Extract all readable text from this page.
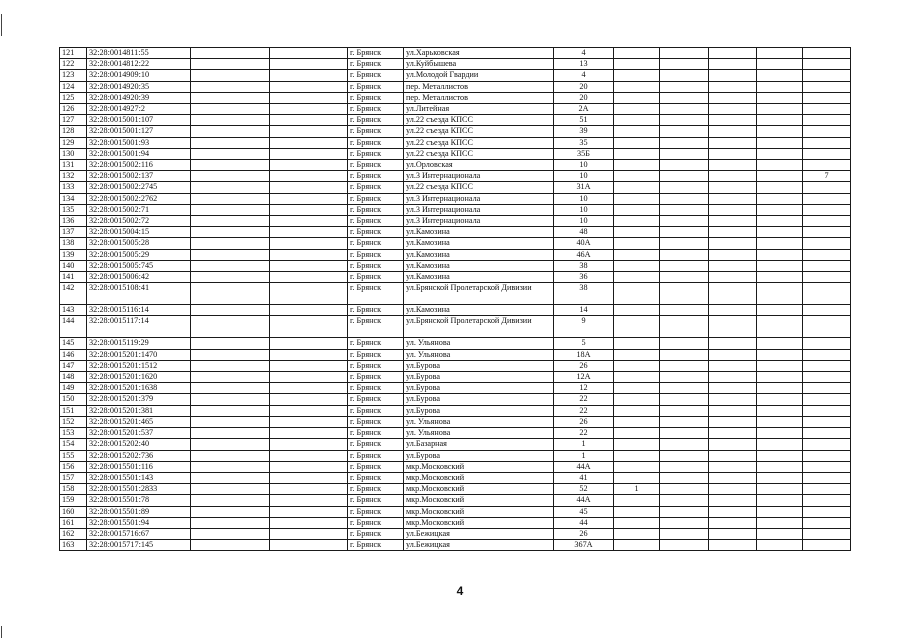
121	32:28:0014811:55			г. Брянск	ул.Харьковская	4					
122	32:28:0014812:22			г. Брянск	ул.Куйбышева	13					
123	32:28:0014909:10			г. Брянск	ул.Молодой Гвардии	4					
124	32:28:0014920:35			г. Брянск	пер. Металлистов	20					
125	32:28:0014920:39			г. Брянск	пер. Металлистов	20					
126	32:28:0014927:2			г. Брянск	ул.Литейная	2А					
127	32:28:0015001:107			г. Брянск	ул.22 съезда КПСС	51					
128	32:28:0015001:127			г. Брянск	ул.22 съезда КПСС	39					
129	32:28:0015001:93			г. Брянск	ул.22 съезда КПСС	35					
130	32:28:0015001:94			г. Брянск	ул.22 съезда КПСС	35Б					
131	32:28:0015002:116			г. Брянск	ул.Орловская	10					
132	32:28:0015002:137			г. Брянск	ул.3 Интернационала	10					7
133	32:28:0015002:2745			г. Брянск	ул.22 съезда КПСС	31А					
134	32:28:0015002:2762			г. Брянск	ул.3 Интернационала	10					
135	32:28:0015002:71			г. Брянск	ул.3 Интернационала	10					
136	32:28:0015002:72			г. Брянск	ул.3 Интернационала	10					
137	32:28:0015004:15			г. Брянск	ул.Камозина	48					
138	32:28:0015005:28			г. Брянск	ул.Камозина	40А					
139	32:28:0015005:29			г. Брянск	ул.Камозина	46А					
140	32:28:0015005:745			г. Брянск	ул.Камозина	38					
141	32:28:0015006:42			г. Брянск	ул.Камозина	36					
142	32:28:0015108:41			г. Брянск	ул.Брянской Пролетарской Дивизии	38					
143	32:28:0015116:14			г. Брянск	ул.Камозина	14					
144	32:28:0015117:14			г. Брянск	ул.Брянской Пролетарской Дивизии	9					
145	32:28:0015119:29			г. Брянск	ул. Ульянова	5					
146	32:28:0015201:1470			г. Брянск	ул. Ульянова	18А					
147	32:28:0015201:1512			г. Брянск	ул.Бурова	26					
148	32:28:0015201:1620			г. Брянск	ул.Бурова	12А					
149	32:28:0015201:1638			г. Брянск	ул.Бурова	12					
150	32:28:0015201:379			г. Брянск	ул.Бурова	22					
151	32:28:0015201:381			г. Брянск	ул.Бурова	22					
152	32:28:0015201:465			г. Брянск	ул. Ульянова	26					
153	32:28:0015201:537			г. Брянск	ул. Ульянова	22					
154	32:28:0015202:40			г. Брянск	ул.Базарная	1					
155	32:28:0015202:736			г. Брянск	ул.Бурова	1					
156	32:28:0015501:116			г. Брянск	мкр.Московский	44А					
157	32:28:0015501:143			г. Брянск	мкр.Московский	41					
158	32:28:0015501:2833			г. Брянск	мкр.Московский	52	1				
159	32:28:0015501:78			г. Брянск	мкр.Московский	44А					
160	32:28:0015501:89			г. Брянск	мкр.Московский	45					
161	32:28:0015501:94			г. Брянск	мкр.Московский	44					
162	32:28:0015716:67			г. Брянск	ул.Бежицкая	26					
163	32:28:0015717:145			г. Брянск	ул.Бежицкая	367А					
4
